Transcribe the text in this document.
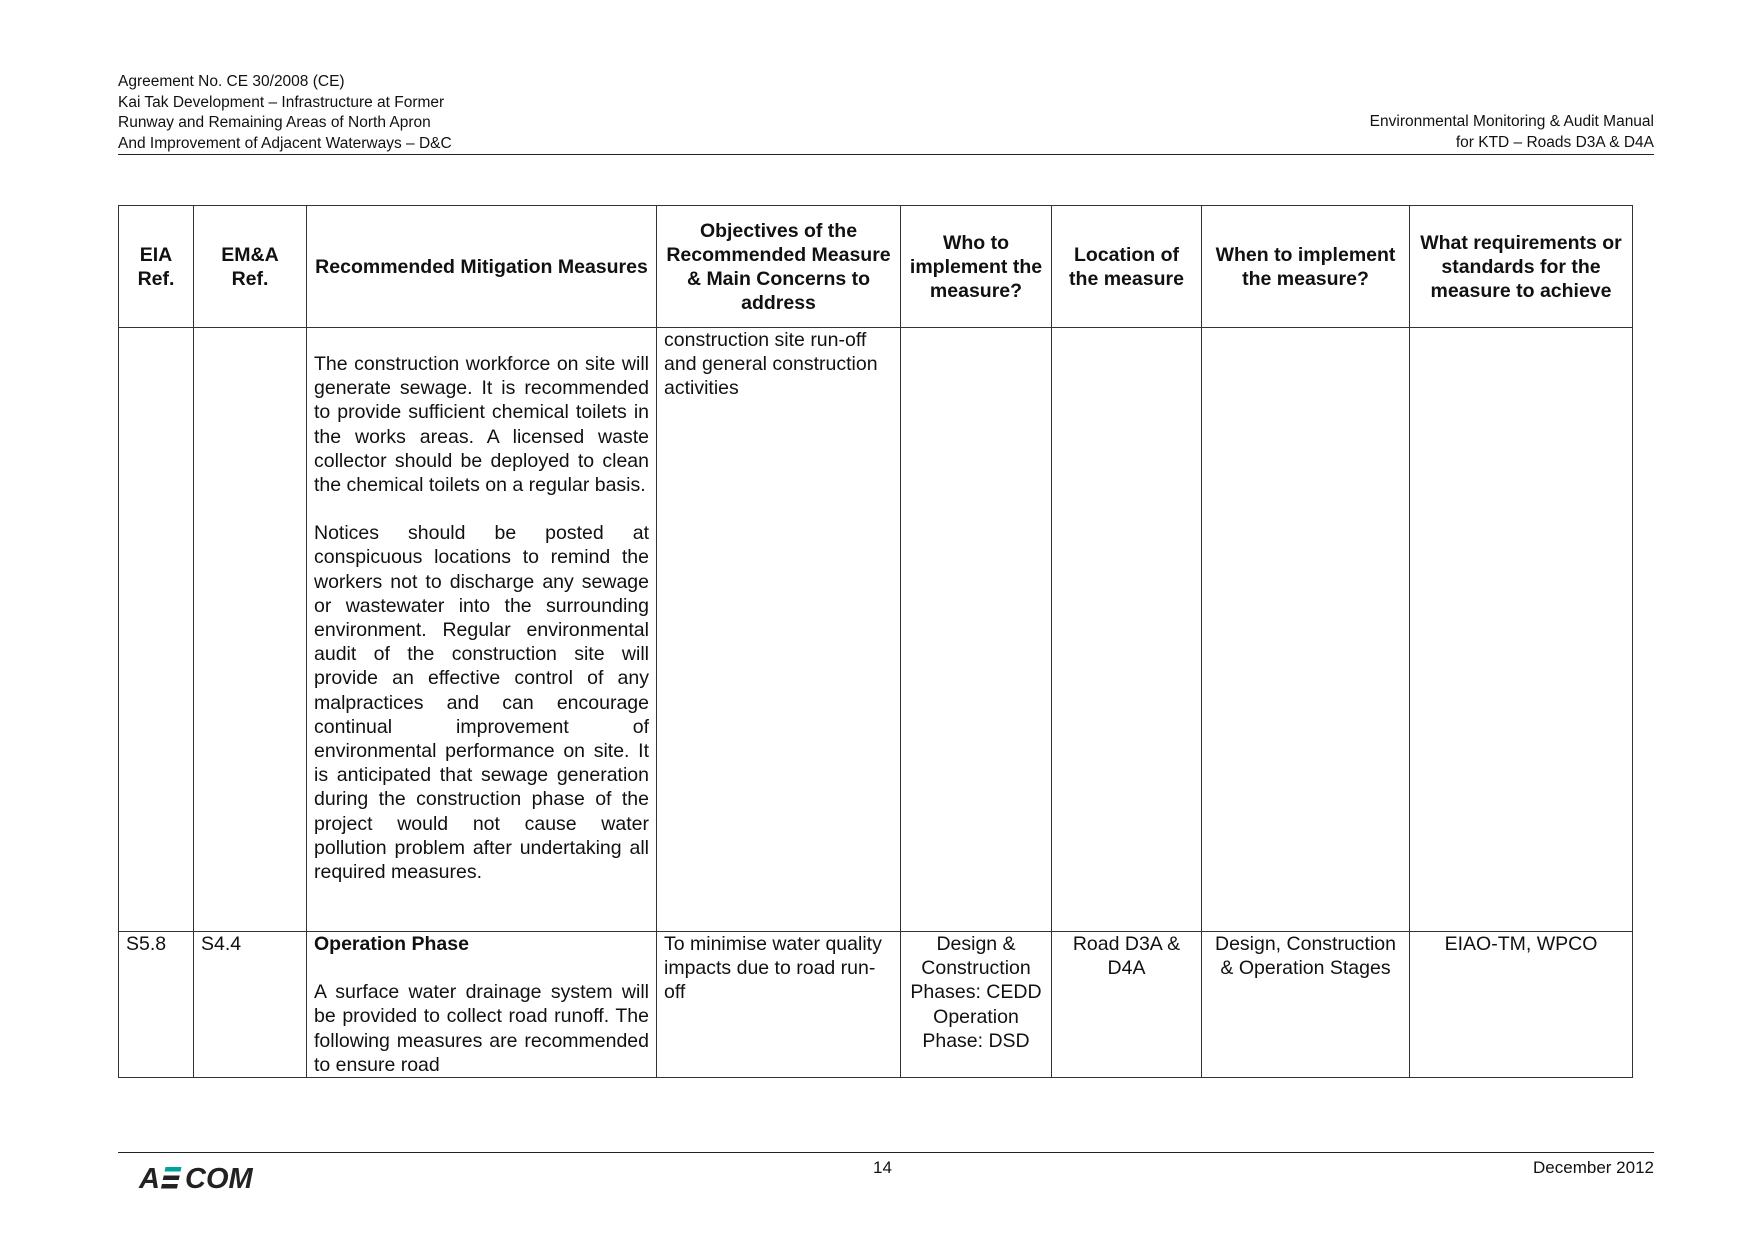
Agreement No. CE 30/2008 (CE)
Kai Tak Development – Infrastructure at Former
Runway and Remaining Areas of North Apron
And Improvement of Adjacent Waterways – D&C
Environmental Monitoring & Audit Manual
for KTD – Roads D3A & D4A
EIA Ref.	EM&A Ref.	Recommended Mitigation Measures	Objectives of the Recommended Measure & Main Concerns to address	Who to implement the measure?	Location of the measure	When to implement the measure?	What requirements or standards for the measure to achieve

		The construction workforce on site will generate sewage. It is recommended to provide sufficient chemical toilets in the works areas. A licensed waste collector should be deployed to clean the chemical toilets on a regular basis.

Notices should be posted at conspicuous locations to remind the workers not to discharge any sewage or wastewater into the surrounding environment. Regular environmental audit of the construction site will provide an effective control of any malpractices and can encourage continual improvement of environmental performance on site. It is anticipated that sewage generation during the construction phase of the project would not cause water pollution problem after undertaking all required measures.	construction site run-off and general construction activities				
S5.8	S4.4	Operation Phase

A surface water drainage system will be provided to collect road runoff. The following measures are recommended to ensure road	To minimise water quality impacts due to road run-off	Design & Construction Phases: CEDD Operation Phase: DSD	Road D3A & D4A	Design, Construction & Operation Stages	EIAO-TM, WPCO
A COM	14	December 2012
